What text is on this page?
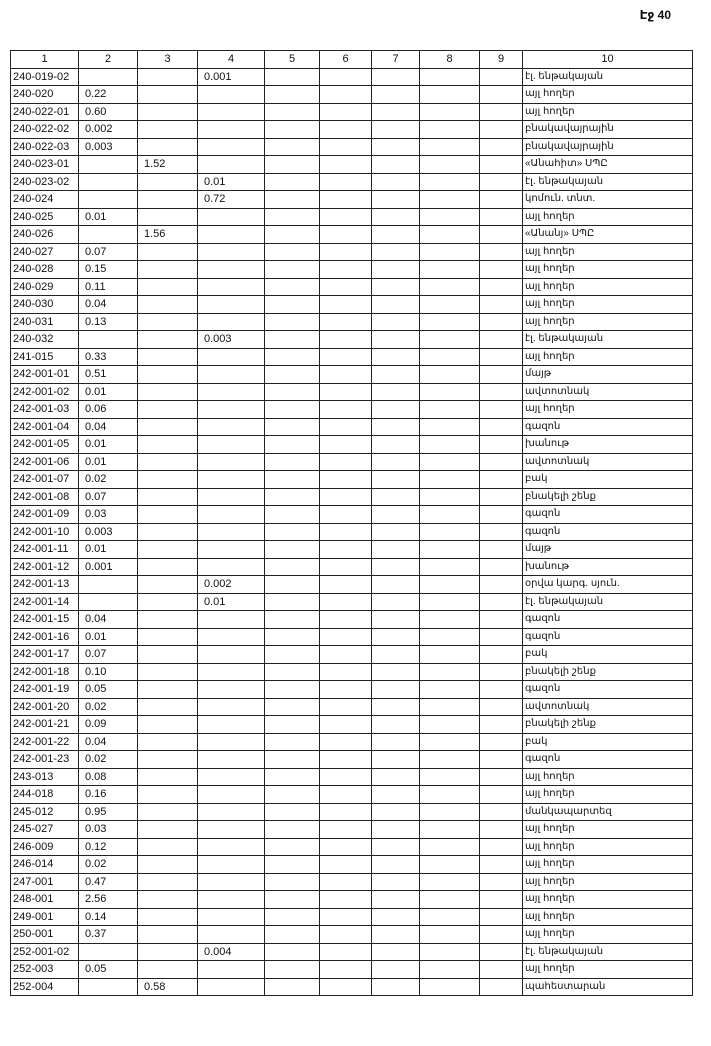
Էջ 40
1	2	3	4	5	6	7	8	9	10
240-019-02			0.001						էլ. ենթակայան
240-020	0.22								այլ հողեր
240-022-01	0.60								այլ հողեր
240-022-02	0.002								բնակավայրային
240-022-03	0.003								բնակավայրային
240-023-01		1.52							«Անահիտ» ՍՊԸ
240-023-02			0.01						էլ. ենթակայան
240-024			0.72						կոմուն. տնտ.
240-025	0.01								այլ հողեր
240-026		1.56							«Անանյ» ՍՊԸ
240-027	0.07								այլ հողեր
240-028	0.15								այլ հողեր
240-029	0.11								այլ հողեր
240-030	0.04								այլ հողեր
240-031	0.13								այլ հողեր
240-032			0.003						էլ. ենթակայան
241-015	0.33								այլ հողեր
242-001-01	0.51								մայթ
242-001-02	0.01								ավտոտնակ
242-001-03	0.06								այլ հողեր
242-001-04	0.04								գազոն
242-001-05	0.01								խանութ
242-001-06	0.01								ավտոտնակ
242-001-07	0.02								բակ
242-001-08	0.07								բնակելի շենք
242-001-09	0.03								գազոն
242-001-10	0.003								գազոն
242-001-11	0.01								մայթ
242-001-12	0.001								խանութ
242-001-13			0.002						օրվա կարգ. սյուն.
242-001-14			0.01						էլ. ենթակայան
242-001-15	0.04								գազոն
242-001-16	0.01								գազոն
242-001-17	0.07								բակ
242-001-18	0.10								բնակելի շենք
242-001-19	0.05								գազոն
242-001-20	0.02								ավտոտնակ
242-001-21	0.09								բնակելի շենք
242-001-22	0.04								բակ
242-001-23	0.02								գազոն
243-013	0.08								այլ հողեր
244-018	0.16								այլ հողեր
245-012	0.95								մանկապարտեզ
245-027	0.03								այլ հողեր
246-009	0.12								այլ հողեր
246-014	0.02								այլ հողեր
247-001	0.47								այլ հողեր
248-001	2.56								այլ հողեր
249-001	0.14								այլ հողեր
250-001	0.37								այլ հողեր
252-001-02			0.004						էլ. ենթակայան
252-003	0.05								այլ հողեր
252-004		0.58							պահեստարան
